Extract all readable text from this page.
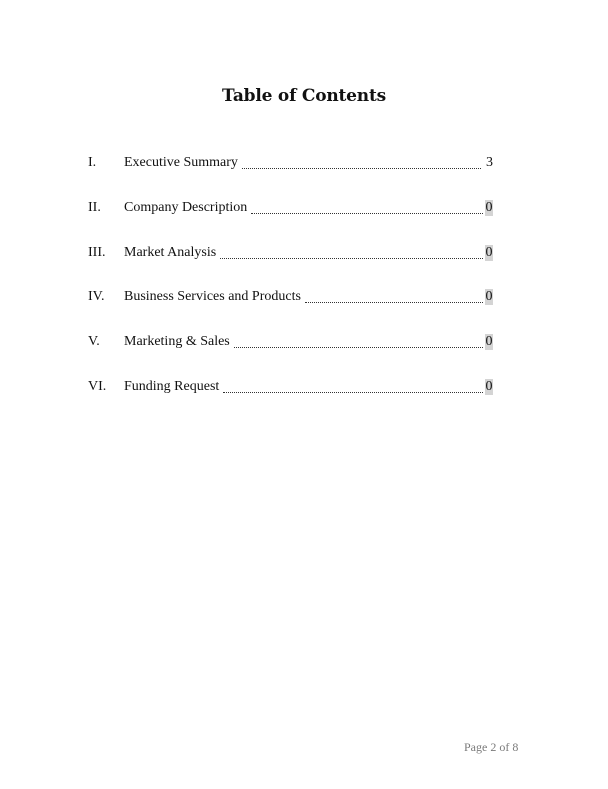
Table of Contents
I.	Executive Summary	3
II.	Company Description	0
III.	Market Analysis	0
IV.	Business Services and Products	0
V.	Marketing & Sales	0
VI.	Funding Request	0
Page 2 of 8
